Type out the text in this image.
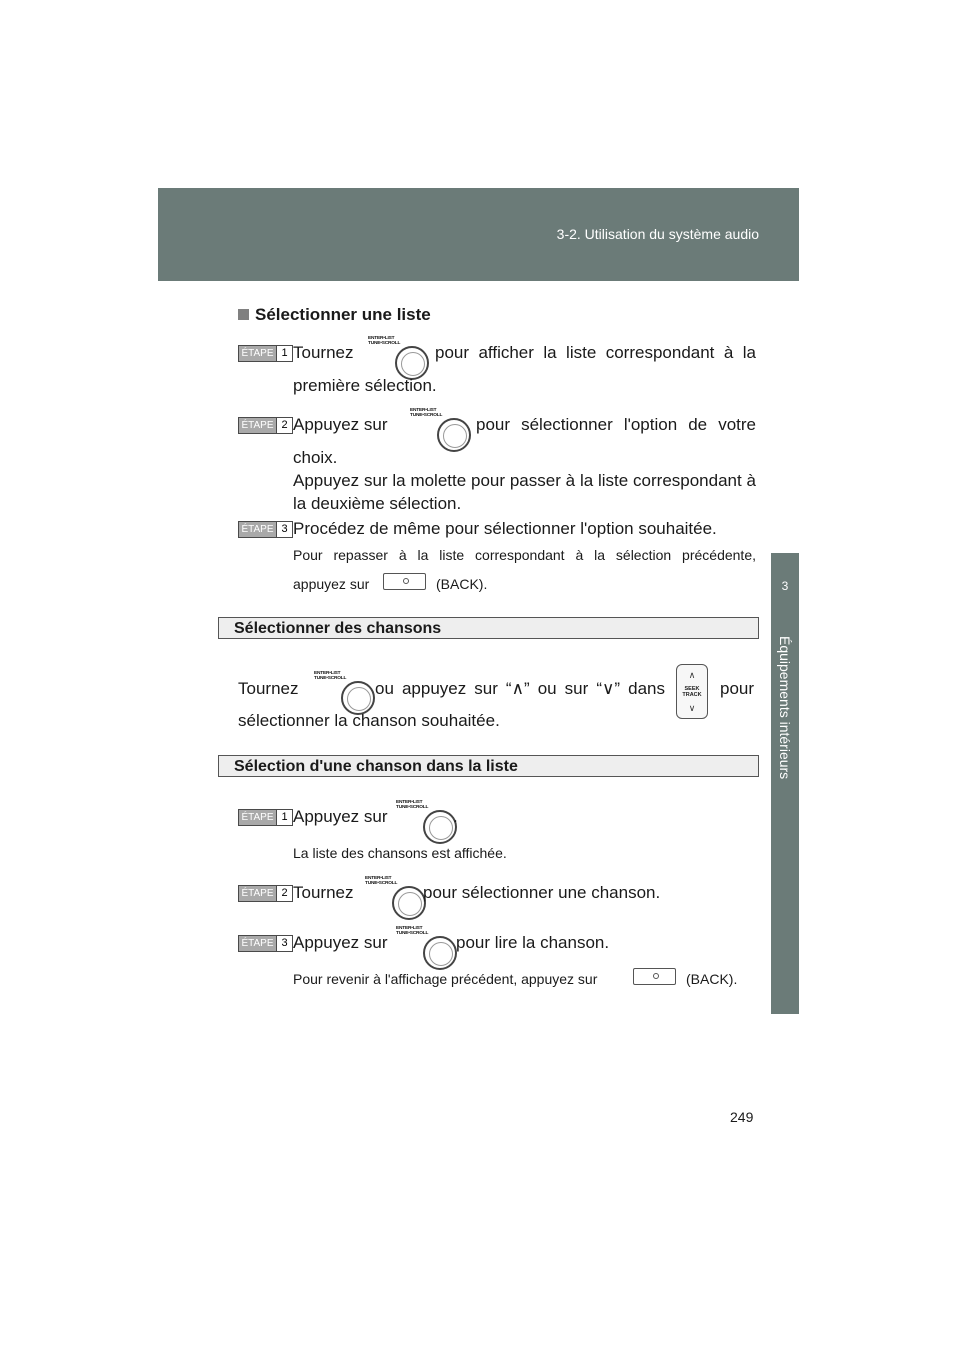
3-2. Utilisation du système audio
3
Équipements intérieurs
Sélectionner une liste
ÉTAPE 1 Tournez
ENTER•LIST
TUNE•SCROLL pour afficher la liste correspondant à la
première sélection.
ÉTAPE 2 Appuyez sur
ENTER•LIST
TUNE•SCROLL pour sélectionner l'option de votre
choix.
Appuyez sur la molette pour passer à la liste correspondant à
la deuxième sélection.
ÉTAPE 3 Procédez de même pour sélectionner l'option souhaitée.
Pour repasser à la liste correspondant à la sélection précédente,
appuyez sur	(BACK).
Sélectionner des chansons
Tournez
ENTER•LIST
TUNE•SCROLL
ou appuyez sur “∧” ou sur “∨” dans
∧
SEEK
TRACK
∨
pour
sélectionner la chanson souhaitée.
Sélection d'une chanson dans la liste
ÉTAPE 1 Appuyez sur
ENTER•LIST
TUNE•SCROLL .
La liste des chansons est affichée.
ÉTAPE 2 Tournez
ENTER•LIST
TUNE•SCROLL pour sélectionner une chanson.
ÉTAPE 3 Appuyez sur
ENTER•LIST
TUNE•SCROLL pour lire la chanson.
Pour revenir à l'affichage précédent, appuyez sur	(BACK).
249
